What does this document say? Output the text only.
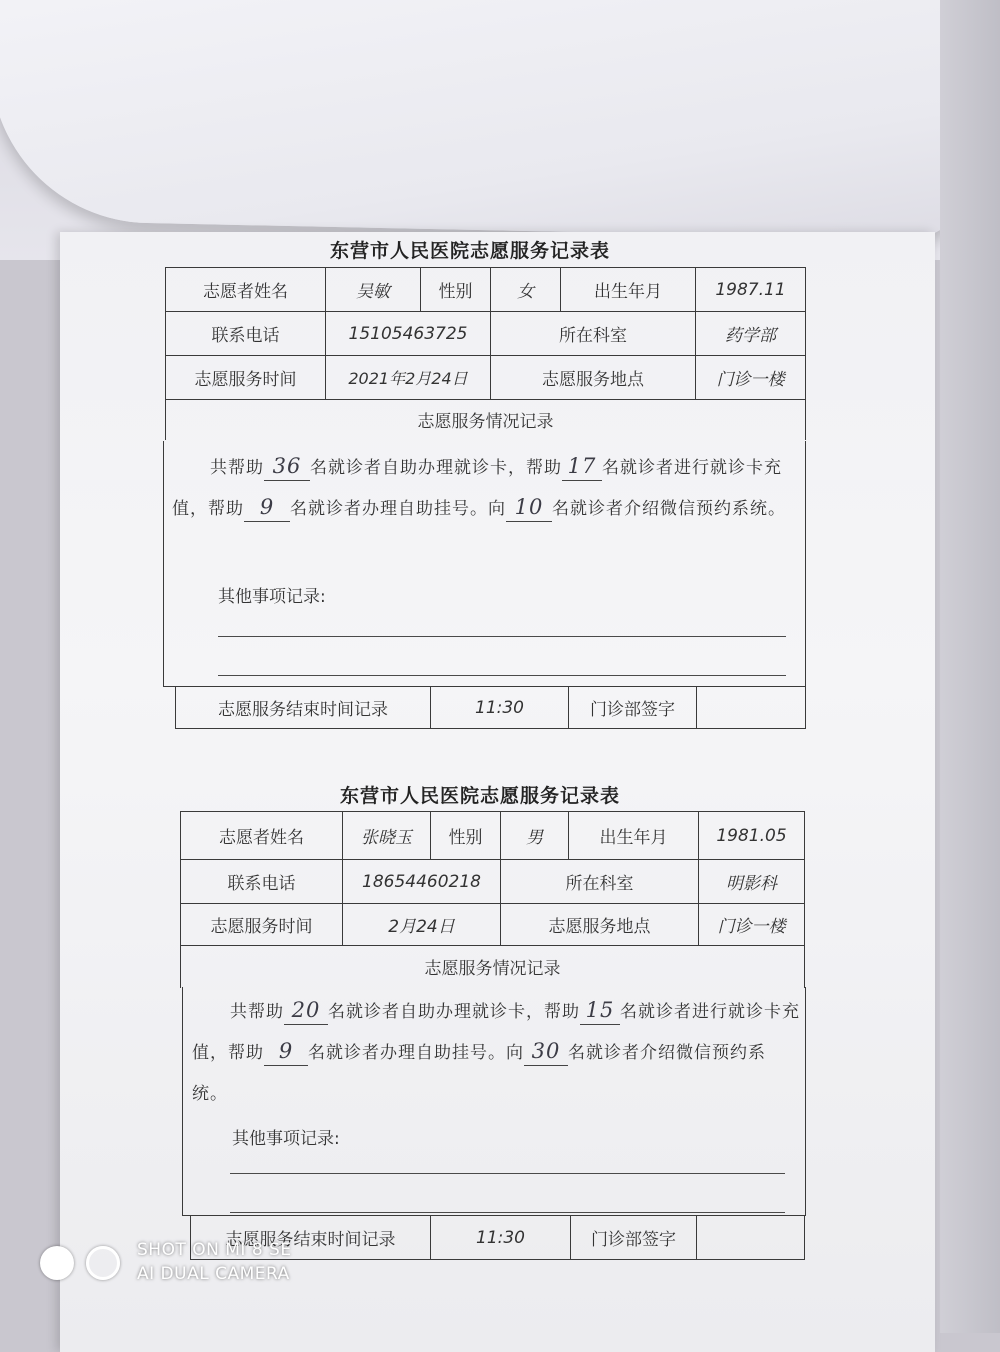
东营市人民医院志愿服务记录表
志愿者姓名	吴敏	性别	女	出生年月	1987.11
联系电话	15105463725		所在科室		药学部
志愿服务时间	2021年2月24日		志愿服务地点		门诊一楼
志愿服务情况记录					
共帮助 36 名就诊者自助办理就诊卡，帮助 17 名就诊者进行就诊卡充值，帮助 9 名就诊者办理自助挂号。向 10 名就诊者介绍微信预约系统。
其他事项记录:
志愿服务结束时间记录	11:30	门诊部签字	
东营市人民医院志愿服务记录表
志愿者姓名	张晓玉	性别	男	出生年月	1981.05
联系电话	18654460218		所在科室		明影科
志愿服务时间	2月24日		志愿服务地点		门诊一楼
志愿服务情况记录					
共帮助 20 名就诊者自助办理就诊卡，帮助 15 名就诊者进行就诊卡充值，帮助 9 名就诊者办理自助挂号。向 30 名就诊者介绍微信预约系统。
其他事项记录:
志愿服务结束时间记录	11:30	门诊部签字	
SHOT ON MI 8 SE
AI DUAL CAMERA
